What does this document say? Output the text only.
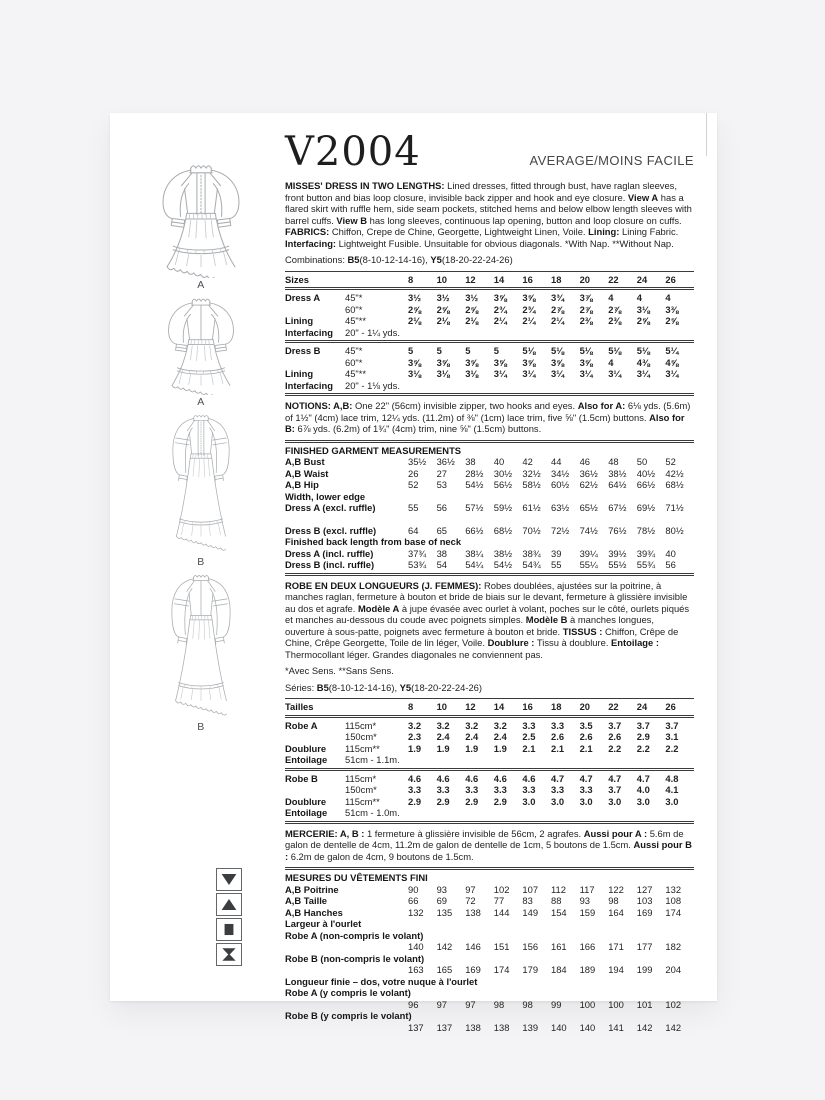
A
A
B
B
V2004	AVERAGE/MOINS FACILE

MISSES' DRESS IN TWO LENGTHS: Lined dresses, fitted through bust, have raglan sleeves, front button and bias loop closure, invisible back zipper and hook and eye closure. View A has a flared skirt with ruffle hem, side seam pockets, stitched hems and below elbow length sleeves with barrel cuffs. View B has long sleeves, continuous lap opening, button and loop closure on cuffs. FABRICS: Chiffon, Crepe de Chine, Georgette, Lightweight Linen, Voile. Lining: Lining Fabric. Interfacing: Lightweight Fusible. Unsuitable for obvious diagonals. *With Nap. **Without Nap.

Combinations: B5(8-10-12-14-16), Y5(18-20-22-24-26)

Sizes	8	10	12	14	16	18	20	22	24	26
Dress A	45"*	3½	3½	3½	3⅝	3⅝	3¾	3⅞	4	4	4
60"*	2⅝	2⅝	2⅝	2¾	2¾	2⅞	2⅞	2⅞	3⅛	3⅜
Lining	45"**	2⅛	2⅛	2⅛	2¼	2¼	2¼	2⅜	2⅜	2⅝	2⅝
Interfacing	20" - 1¼ yds.
Dress B	45"*	5	5	5	5	5⅛	5⅛	5⅛	5⅛	5⅛	5¼
60"*	3⅝	3⅝	3⅝	3⅝	3⅝	3⅝	3⅝	4	4⅜	4⅝
Lining	45"**	3⅛	3⅛	3⅛	3¼	3¼	3¼	3¼	3¼	3¼	3¼
Interfacing	20" - 1⅛ yds.

NOTIONS: A,B: One 22" (56cm) invisible zipper, two hooks and eyes. Also for A: 6⅛ yds. (5.6m) of 1½" (4cm) lace trim, 12¼ yds. (11.2m) of ⅜" (1cm) lace trim, five ⅝" (1.5cm) buttons. Also for B: 6⅞ yds. (6.2m) of 1¾" (4cm) trim, nine ⅝" (1.5cm) buttons.

FINISHED GARMENT MEASUREMENTS
A,B Bust	35½	36½	38	40	42	44	46	48	50	52
A,B Waist	26	27	28½	30½	32½	34½	36½	38½	40½	42½
A,B Hip	52	53	54½	56½	58½	60½	62½	64½	66½	68½
Width, lower edge
Dress A (excl. ruffle)	55	56	57½	59½	61½	63½	65½	67½	69½	71½
Dress B (excl. ruffle)	64	65	66½	68½	70½	72½	74½	76½	78½	80½
Finished back length from base of neck
Dress A (incl. ruffle)	37¾	38	38¼	38½	38¾	39	39¼	39½	39¾	40
Dress B (incl. ruffle)	53¾	54	54¼	54½	54¾	55	55¼	55½	55¾	56

ROBE EN DEUX LONGUEURS (J. FEMMES): Robes doublées, ajustées sur la poitrine, à manches raglan, fermeture à bouton et bride de biais sur le devant, fermeture à glissière invisible au dos et agrafe. Modèle A à jupe évasée avec ourlet à volant, poches sur le côté, ourlets piqués et manches au-dessous du coude avec poignets simples. Modèle B à manches longues, ouverture à sous-patte, poignets avec fermeture à bouton et bride. TISSUS : Chiffon, Crêpe de Chine, Crêpe Georgette, Toile de lin léger, Voile. Doublure : Tissu à doublure. Entoilage : Thermocollant léger. Grandes diagonales ne conviennent pas.

*Avec Sens. **Sans Sens.

Séries: B5(8-10-12-14-16), Y5(18-20-22-24-26)

Tailles	8	10	12	14	16	18	20	22	24	26
Robe A	115cm*	3.2	3.2	3.2	3.2	3.3	3.3	3.5	3.7	3.7	3.7
150cm*	2.3	2.4	2.4	2.4	2.5	2.6	2.6	2.6	2.9	3.1
Doublure	115cm**	1.9	1.9	1.9	1.9	2.1	2.1	2.1	2.2	2.2	2.2
Entoilage	51cm - 1.1m.
Robe B	115cm*	4.6	4.6	4.6	4.6	4.6	4.7	4.7	4.7	4.7	4.8
150cm*	3.3	3.3	3.3	3.3	3.3	3.3	3.3	3.7	4.0	4.1
Doublure	115cm**	2.9	2.9	2.9	2.9	3.0	3.0	3.0	3.0	3.0	3.0
Entoilage	51cm - 1.0m.

MERCERIE: A, B : 1 fermeture à glissière invisible de 56cm, 2 agrafes. Aussi pour A : 5.6m de galon de dentelle de 4cm, 11.2m de galon de dentelle de 1cm, 5 boutons de 1.5cm. Aussi pour B : 6.2m de galon de 4cm, 9 boutons de 1.5cm.

MESURES DU VÊTEMENTS FINI
A,B Poitrine	90	93	97	102	107	112	117	122	127	132
A,B Taille	66	69	72	77	83	88	93	98	103	108
A,B Hanches	132	135	138	144	149	154	159	164	169	174
Largeur à l'ourlet
Robe A (non-compris le volant)
140	142	146	151	156	161	166	171	177	182
Robe B (non-compris le volant)
163	165	169	174	179	184	189	194	199	204
Longueur finie – dos, votre nuque à l'ourlet
Robe A (y compris le volant)
96	97	97	98	98	99	100	100	101	102
Robe B (y compris le volant)
137	137	138	138	139	140	140	141	142	142
